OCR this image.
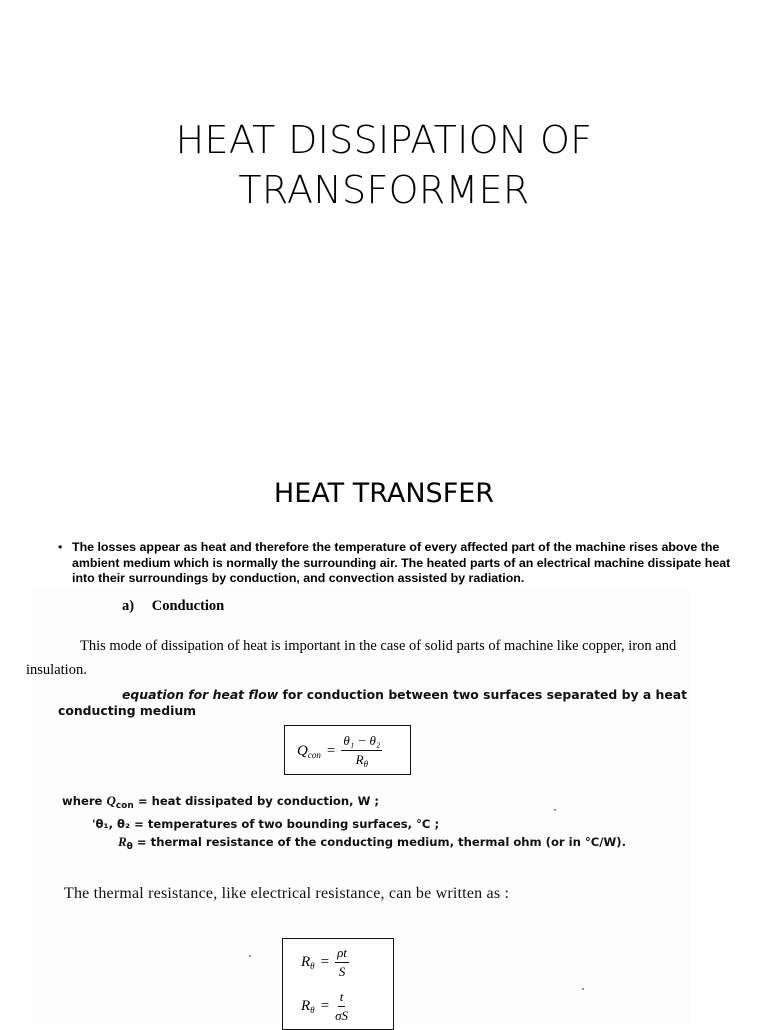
HEAT DISSIPATION OF
TRANSFORMER
HEAT TRANSFER
• The losses appear as heat and therefore the temperature of every affected part of the machine rises above the ambient medium which is normally the surrounding air. The heated parts of an electrical machine dissipate heat into their surroundings by conduction, and convection assisted by radiation.
a) Conduction
This mode of dissipation of heat is important in the case of solid parts of machine like copper, iron and insulation.
equation for heat flow for conduction between two surfaces separated by a heat conducting medium
$Q_{con} = \frac{\text{θ₁ − θ₂}}{R_\theta}$
where $Q_{con}$ = heat dissipated by conduction, W ;
'θ₁, θ₂ = temperatures of two bounding surfaces, °C ;
$R_\theta$ = thermal resistance of the conducting medium, thermal ohm (or in °C/W).
The thermal resistance, like electrical resistance, can be written as :
$R_\theta = \frac{\rho t}{S}$
$R_\theta = \frac{t}{\sigma S}$
